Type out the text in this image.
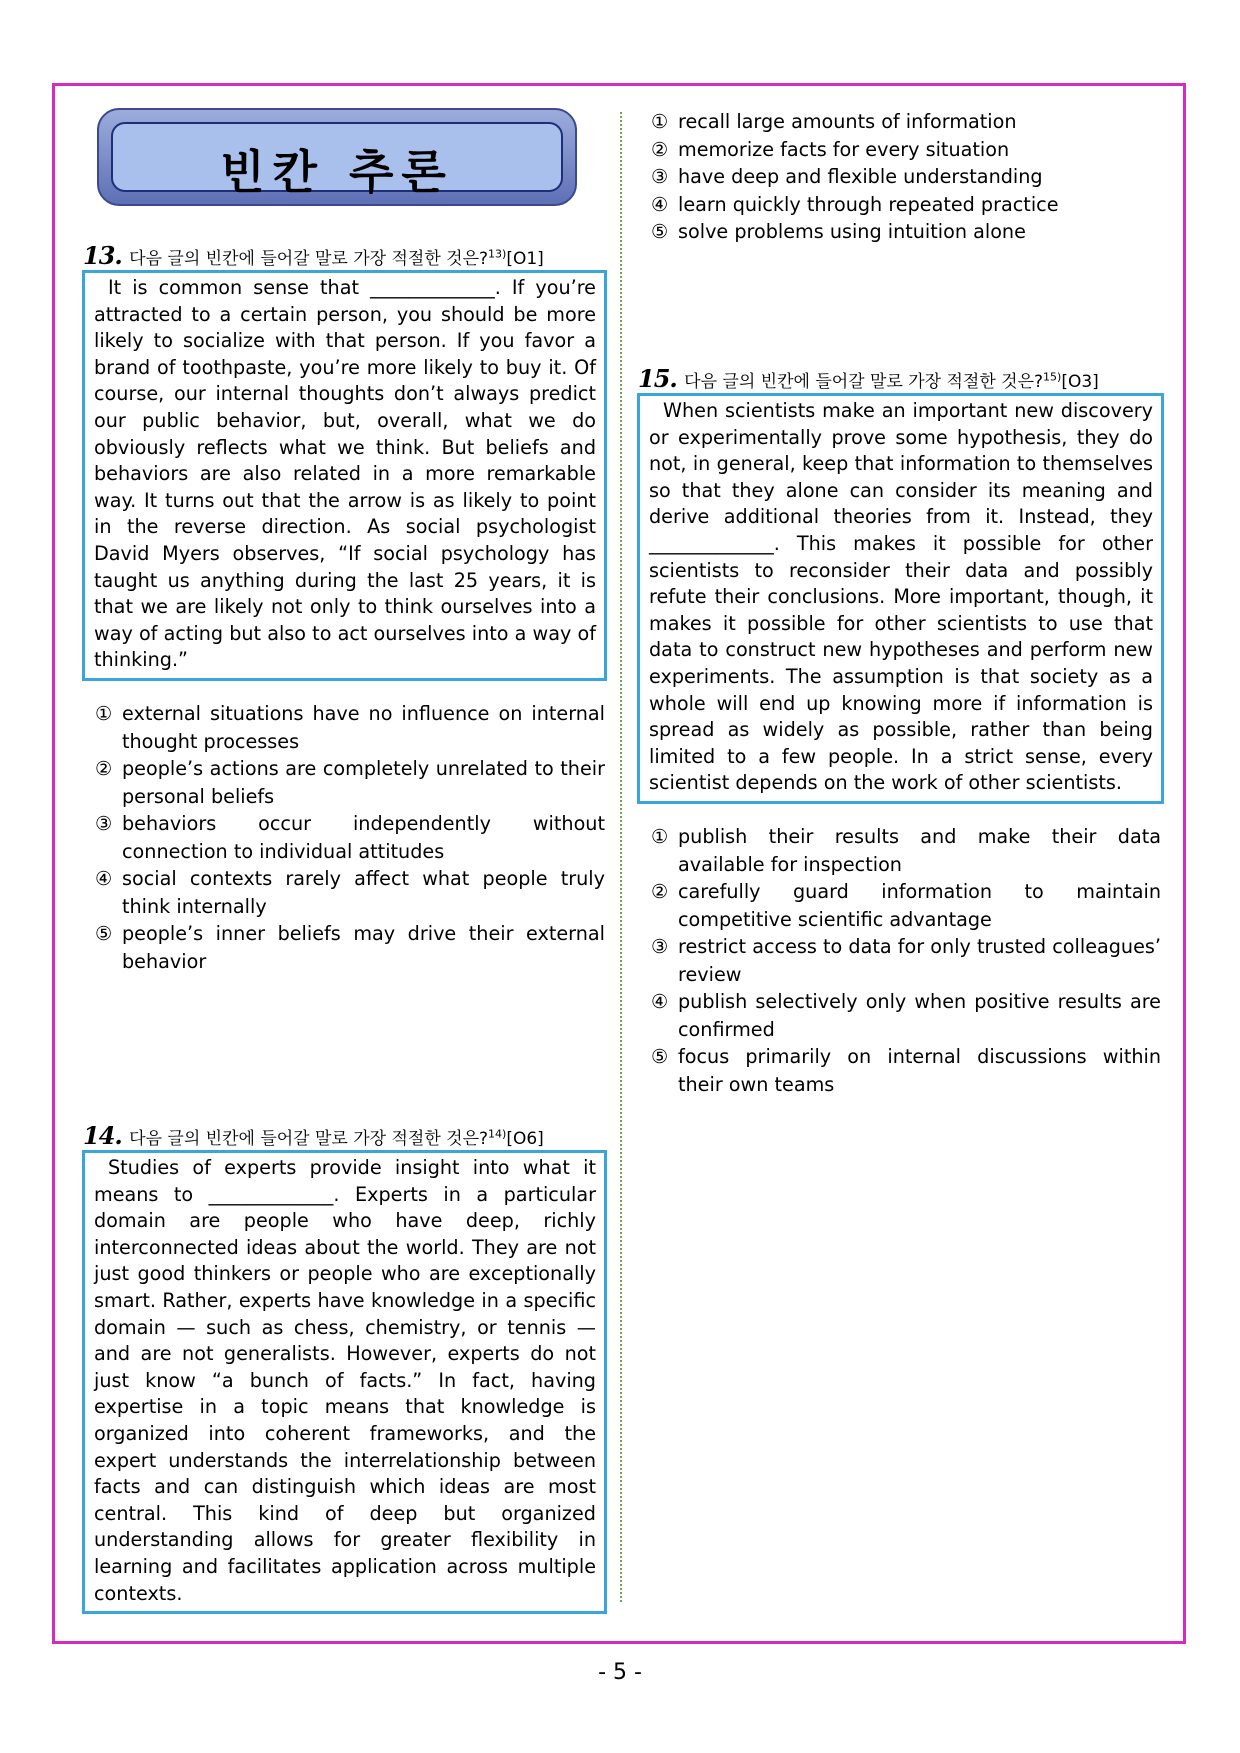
빈칸 추론
13. 다음 글의 빈칸에 들어갈 말로 가장 적절한 것은?$^{13)}$[O1]

It is common sense that _____________. If you’re attracted to a certain person, you should be more likely to socialize with that person. If you favor a brand of toothpaste, you’re more likely to buy it. Of course, our internal thoughts don’t always predict our public behavior, but, overall, what we do obviously reflects what we think. But beliefs and behaviors are also related in a more remarkable way. It turns out that the arrow is as likely to point in the reverse direction. As social psychologist David Myers observes, “If social psychology has taught us anything during the last 25 years, it is that we are likely not only to think ourselves into a way of acting but also to act ourselves into a way of thinking.”

① external situations have no influence on internal thought processes
② people’s actions are completely unrelated to their personal beliefs
③ behaviors occur independently without connection to individual attitudes
④ social contexts rarely affect what people truly think internally
⑤ people’s inner beliefs may drive their external behavior
14. 다음 글의 빈칸에 들어갈 말로 가장 적절한 것은?$^{14)}$[O6]

Studies of experts provide insight into what it means to _____________. Experts in a particular domain are people who have deep, richly interconnected ideas about the world. They are not just good thinkers or people who are exceptionally smart. Rather, experts have knowledge in a specific domain — such as chess, chemistry, or tennis — and are not generalists. However, experts do not just know “a bunch of facts.” In fact, having expertise in a topic means that knowledge is organized into coherent frameworks, and the expert understands the interrelationship between facts and can distinguish which ideas are most central. This kind of deep but organized understanding allows for greater flexibility in learning and facilitates application across multiple contexts.

① recall large amounts of information
② memorize facts for every situation
③ have deep and flexible understanding
④ learn quickly through repeated practice
⑤ solve problems using intuition alone
15. 다음 글의 빈칸에 들어갈 말로 가장 적절한 것은?$^{15)}$[O3]

When scientists make an important new discovery or experimentally prove some hypothesis, they do not, in general, keep that information to themselves so that they alone can consider its meaning and derive additional theories from it. Instead, they _____________. This makes it possible for other scientists to reconsider their data and possibly refute their conclusions. More important, though, it makes it possible for other scientists to use that data to construct new hypotheses and perform new experiments. The assumption is that society as a whole will end up knowing more if information is spread as widely as possible, rather than being limited to a few people. In a strict sense, every scientist depends on the work of other scientists.

① publish their results and make their data available for inspection
② carefully guard information to maintain competitive scientific advantage
③ restrict access to data for only trusted colleagues’ review
④ publish selectively only when positive results are confirmed
⑤ focus primarily on internal discussions within their own teams
- 5 -
